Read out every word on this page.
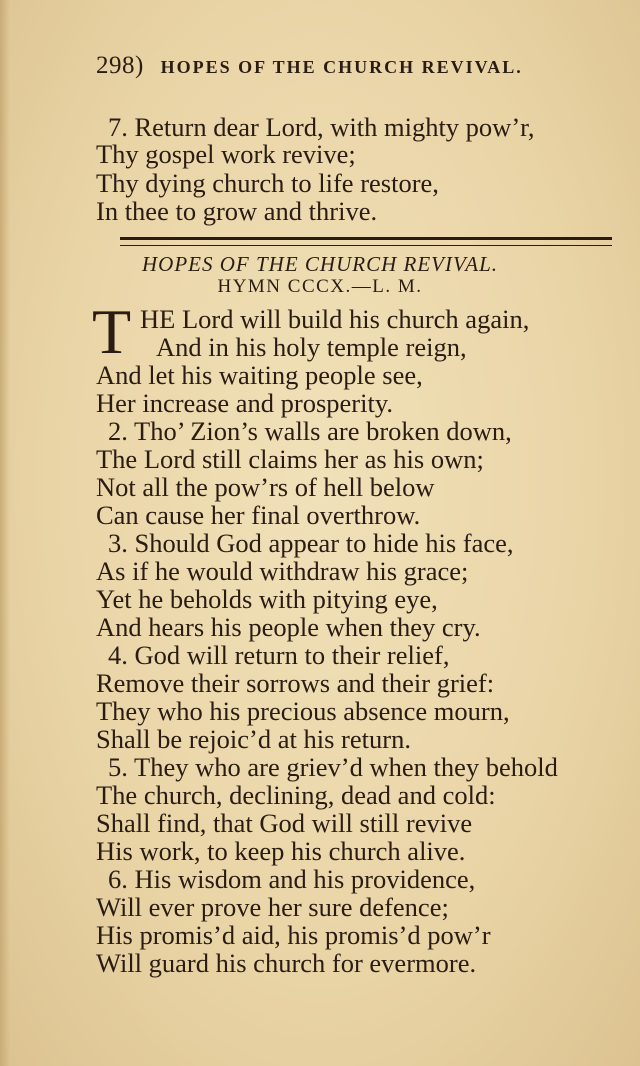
298) HOPES OF THE CHURCH REVIVAL.
7. Return dear Lord, with mighty pow’r,
Thy gospel work revive;
Thy dying church to life restore,
In thee to grow and thrive.
HOPES OF THE CHURCH REVIVAL.
HYMN CCCX.—L. M.
T HE Lord will build his church again,
And in his holy temple reign,
And let his waiting people see,
Her increase and prosperity.
2. Tho’ Zion’s walls are broken down,
The Lord still claims her as his own;
Not all the pow’rs of hell below
Can cause her final overthrow.
3. Should God appear to hide his face,
As if he would withdraw his grace;
Yet he beholds with pitying eye,
And hears his people when they cry.
4. God will return to their relief,
Remove their sorrows and their grief:
They who his precious absence mourn,
Shall be rejoic’d at his return.
5. They who are griev’d when they behold
The church, declining, dead and cold:
Shall find, that God will still revive
His work, to keep his church alive.
6. His wisdom and his providence,
Will ever prove her sure defence;
His promis’d aid, his promis’d pow’r
Will guard his church for evermore.
